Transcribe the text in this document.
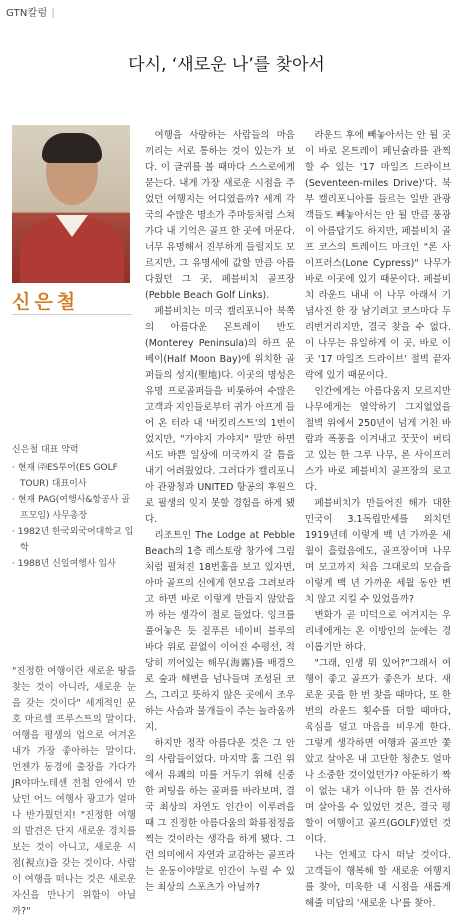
GTN칼럼 |
다시, ‘새로운 나’를 찾아서
신은철
신은철 대표 약력

· 현재 ㈜ES투어(ES GOLF TOUR) 대표이사

· 현재 PAG(여행사&항공사 골프모임) 사무총장

· 1982년 한국외국어대학교 입학

· 1988년 신일여행사 입사

"진정한 여행이란 새로운 땅을 찾는 것이 아니라, 새로운 눈을 갖는 것이다" 세계적인 문호 마르셀 프루스트의 말이다. 여행을 평생의 업으로 여겨온 내가 가장 좋아하는 말이다. 언젠가 동경에 출장을 가다가 JR야마노테센 전철 안에서 만났던 어느 여행사 광고가 얼마나 반가웠던지! "진정한 여행의 발견은 단지 새로운 경치를 보는 것이 아니고, 새로운 시점(視点)을 갖는 것이다. 사람이 여행을 떠나는 것은 새로운 자신을 만나기 위함이 아닐까?"

여행을 사랑하는 사람들의 마음 끼리는 서로 통하는 것이 있는가 보다. 이 글귀를 볼 때마다 스스로에게 묻는다. 내게 가장 새로운 시점을 주었던 여행지는 어디였을까? 세계 각국의 수많은 명소가 주마등처럼 스쳐가다 내 기억은 골프 한 곳에 머문다. 너무 유명해서 진부하게 들릴지도 모르지만, 그 유명세에 값할 만큼 아름다웠던 그 곳, 페블비치 골프장(Pebble Beach Golf Links).

페블비치는 미국 캘리포니아 북쪽의 아름다운 몬트레이 반도(Monterey Peninsula)의 하프 문 베이(Half Moon Bay)에 위치한 골퍼들의 성지(聖地)다. 이곳의 명성은 유명 프로골퍼들을 비롯하여 수많은 고객과 지인들로부터 귀가 아프게 들어 온 터라 내 '버킷리스트'의 1번이었지만, "가야지 가야지" 말만 하면서도 바쁜 일상에 미국까지 갈 틈을 내기 어려웠었다. 그러다가 캘리포니아 관광청과 UNITED 항공의 후원으로 필생의 잊지 못할 경험을 하게 됐다.

리조트인 The Lodge at Pebble Beach의 1층 레스토랑 창가에 그림처럼 펼쳐진 18번홀을 보고 있자면, 아마 골프의 신에게 현모을 그려보라고 하면 바로 이렇게 만들지 않았을까 하는 생각이 절로 들었다. 잉크를 풀어놓은 듯 짙푸른 네이비 블루의 바다 위로 끝없이 이어진 수평선, 적당히 끼어있는 해무(海霧)를 배경으로 숲과 해변을 넘나들며 조성된 코스, 그리고 뜻하지 않은 곳에서 조우하는 사슴과 물개들이 주는 놀라움까지.

하지만 정작 아름다운 것은 그 안의 사람들이었다. 마지막 홀 그린 위에서 유쾌의 미를 거두기 위해 신중한 퍼팅을 하는 골퍼를 바라보며, 결국 최상의 자연도 인간이 이루려을 때 그 진정한 아름다움의 화룡점정을 찍는 것이라는 생각을 하게 됐다. 그런 의미에서 자연과 교감하는 골프라는 운동이야말로 인간이 누릴 수 있는 최상의 스포츠가 아닐까?

라운드 후에 빼놓아서는 안 될 곳이 바로 몬트레이 페닌슐라를 관찍할 수 있는 '17 마일즈 드라이브(Seventeen-miles Drive)'다. 북부 캘리포니아를 들르는 일반 관광객들도 빼놓아서는 안 될 만큼 풍광이 아름답기도 하지만, 페블비치 골프 코스의 트레이드 마크인 "론 사이프러스(Lone Cypress)" 나무가 바로 이곳에 있기 때문이다. 페블비치 라운드 내내 이 나무 아래서 기념사진 한 장 남기려고 코스마다 두리번거리지만, 결국 찾을 수 없다. 이 나무는 유일하게 이 곳, 바로 이곳 '17 마일즈 드라이브' 절벽 끝자락에 있기 때문이다.

인간에게는 아름다움지 모르지만 나무에게는 열악하기 그지없었을 절벽 위에서 250년이 넘게 거친 바람과 폭풍을 이겨내고 꿋꿋이 버티고 있는 한 그루 나무, 론 사이프러스가 바로 페블비치 골프장의 로고다.

페블비치가 만들어진 해가 대한민국이 3.1독립만세를 외치던 1919년데 이렇게 백 년 가까운 세월이 흘렀음에도, 골프장이며 나무며 모고까지 처음 그대로의 모습을 이렇게 백 년 가까운 세월 동안 변치 않고 지킬 수 있었을까?

변화가 곧 미덕으로 여겨지는 우리네에게는 온 이방인의 눈에는 경이롭기만 하다.

"그래, 인생 뭐 있어?"그래서 여행이 좋고 골프가 좋은가 보다. 새로운 곳을 한 번 찾을 때마다, 또 한 번의 라운드 횟수를 더할 때마다, 육심을 덜고 마음을 비우게 한다. 그렇게 생각하면 여행과 골프만 쫓았고 살아온 내 고단한 청춘도 얼마나 소중한 것이었던가? 아둔하기 짝이 없는 내가 이나마 한 몸 건사하며 살아올 수 있었던 것은, 결국 평 할이 여행이고 골프(GOLF)였던 것이다.

나는 언제고 다시 떠날 것이다. 고객들이 행복해 할 새로운 여행지를 찾아, 미욱한 내 시점을 새롭게 해줄 미답의 '새로운 나'를 찾아.
